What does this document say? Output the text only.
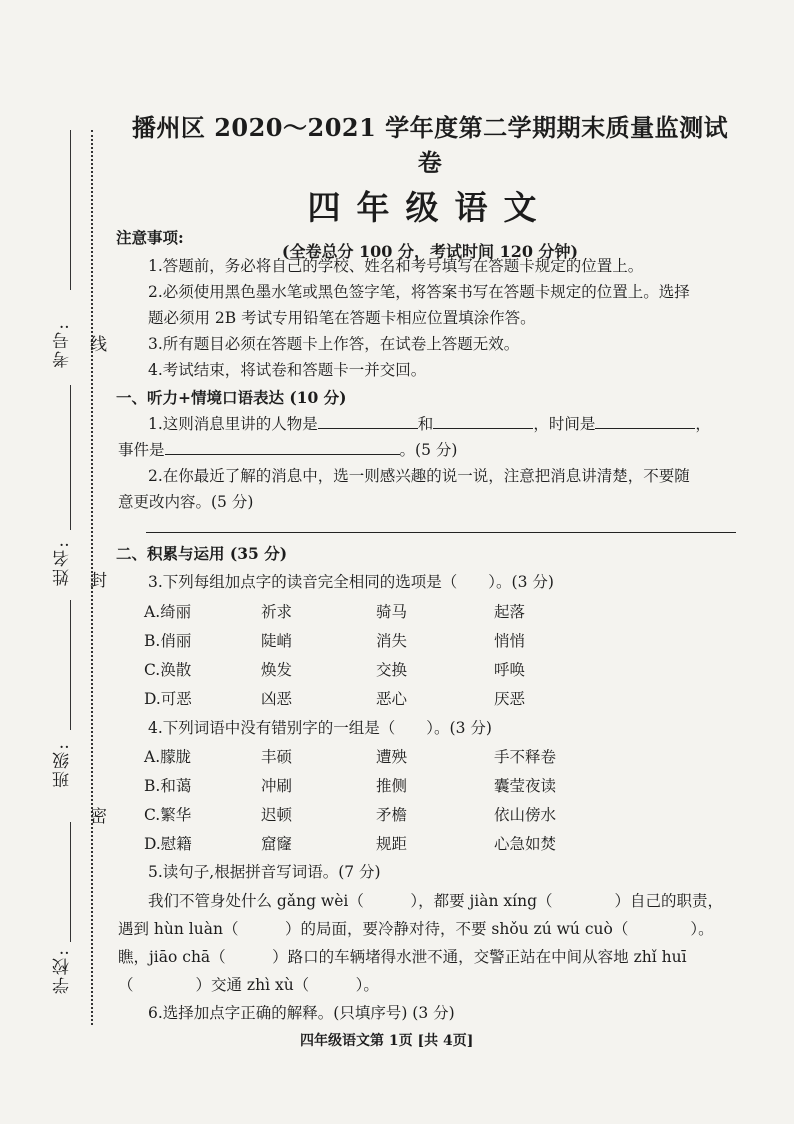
考号:
姓名:
班级:
学校:
线
封
密
播州区 2020～2021 学年度第二学期期末质量监测试卷
四年级语文
(全卷总分 100 分，考试时间 120 分钟)
注意事项:
1.答题前，务必将自己的学校、姓名和考号填写在答题卡规定的位置上。
2.必须使用黑色墨水笔或黑色签字笔，将答案书写在答题卡规定的位置上。选择
题必须用 2B 考试专用铅笔在答题卡相应位置填涂作答。
3.所有题目必须在答题卡上作答，在试卷上答题无效。
4.考试结束，将试卷和答题卡一并交回。
一、听力+情境口语表达 (10 分)
1.这则消息里讲的人物是	和	，时间是	，
事件是	。(5 分)
2.在你最近了解的消息中，选一则感兴趣的说一说，注意把消息讲清楚，不要随
意更改内容。(5 分)
二、积累与运用 (35 分)
3.下列每组加点字的读音完全相同的选项是（　　）。(3 分)
A.绮丽	祈求	骑马	起落
B.俏丽	陡峭	消失	悄悄
C.涣散	焕发	交换	呼唤
D.可恶	凶恶	恶心	厌恶
4.下列词语中没有错别字的一组是（　　）。(3 分)
A.朦胧	丰硕	遭殃	手不释卷
B.和蔼	冲刷	推侧	囊莹夜读
C.繁华	迟顿	矛檐	依山傍水
D.慰籍	窟窿	规距	心急如焚
5.读句子,根据拼音写词语。(7 分)
我们不管身处什么 gǎng wèi（　　　），都要 jiàn xíng（　　　　）自己的职责，
遇到 hùn luàn（　　　）的局面，要冷静对待，不要 shǒu zú wú cuò（　　　　）。
瞧，jiāo chā（　　　）路口的车辆堵得水泄不通，交警正站在中间从容地 zhǐ huī
（　　　　）交通 zhì xù（　　　）。
6.选择加点字正确的解释。(只填序号) (3 分)
四年级语文第 1页 [共 4页]
